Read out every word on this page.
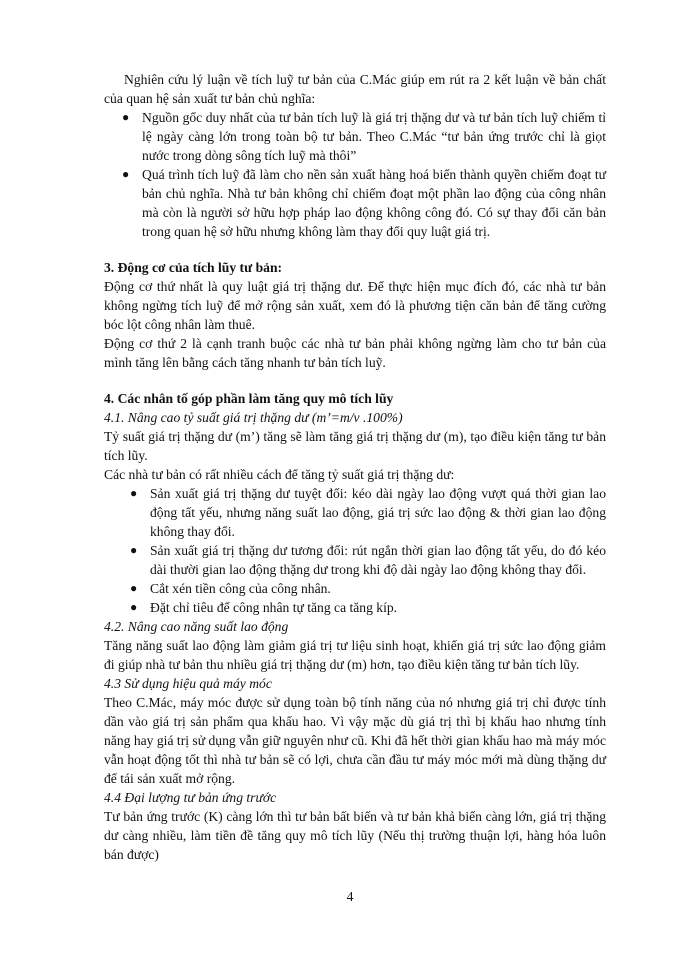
Nghiên cứu lý luận về tích luỹ tư bản của C.Mác giúp em rút ra 2 kết luận về bản chất của quan hệ sản xuất tư bản chủ nghĩa:

● Nguồn gốc duy nhất của tư bản tích luỹ là giá trị thặng dư và tư bản tích luỹ chiếm tỉ lệ ngày càng lớn trong toàn bộ tư bản. Theo C.Mác “tư bản ứng trước chỉ là giọt nước trong dòng sông tích luỹ mà thôi”
● Quá trình tích luỹ đã làm cho nền sản xuất hàng hoá biến thành quyền chiếm đoạt tư bản chủ nghĩa. Nhà tư bản không chỉ chiếm đoạt một phần lao động của công nhân mà còn là người sở hữu hợp pháp lao động không công đó. Có sự thay đổi căn bản trong quan hệ sở hữu nhưng không làm thay đổi quy luật giá trị.

3. Động cơ của tích lũy tư bản:

Động cơ thứ nhất là quy luật giá trị thặng dư. Để thực hiện mục đích đó, các nhà tư bản không ngừng tích luỹ để mở rộng sản xuất, xem đó là phương tiện căn bản để tăng cường bóc lột công nhân làm thuê.

Động cơ thứ 2 là cạnh tranh buộc các nhà tư bản phải không ngừng làm cho tư bản của mình tăng lên bằng cách tăng nhanh tư bản tích luỹ.

4. Các nhân tố góp phần làm tăng quy mô tích lũy

4.1. Nâng cao tỷ suất giá trị thặng dư (m’=m/v .100%)

Tỷ suất giá trị thặng dư (m’) tăng sẽ làm tăng giá trị thặng dư (m), tạo điều kiện tăng tư bản tích lũy.

Các nhà tư bản có rất nhiều cách để tăng tỷ suất giá trị thặng dư:

● Sản xuất giá trị thặng dư tuyệt đối: kéo dài ngày lao động vượt quá thời gian lao động tất yếu, nhưng năng suất lao động, giá trị sức lao động & thời gian lao động không thay đổi.
● Sản xuất giá trị thặng dư tương đối: rút ngắn thời gian lao động tất yếu, do đó kéo dài thười gian lao động thặng dư trong khi độ dài ngày lao động không thay đổi.
● Cắt xén tiền công của công nhân.
● Đặt chỉ tiêu để công nhân tự tăng ca tăng kíp.

4.2. Nâng cao năng suất lao động

Tăng năng suất lao động làm giảm giá trị tư liệu sinh hoạt, khiến giá trị sức lao động giảm đi giúp nhà tư bản thu nhiều giá trị thặng dư (m) hơn, tạo điều kiện tăng tư bản tích lũy.

4.3 Sử dụng hiệu quả máy móc

Theo C.Mác, máy móc được sử dụng toàn bộ tính năng của nó nhưng giá trị chỉ được tính dần vào giá trị sản phẩm qua khấu hao. Vì vậy mặc dù giá trị thì bị khấu hao nhưng tính năng hay giá trị sử dụng vẫn giữ nguyên như cũ. Khi đã hết thời gian khấu hao mà máy móc vẫn hoạt động tốt thì nhà tư bản sẽ có lợi, chưa cần đầu tư máy móc mới mà dùng thặng dư để tái sản xuất mở rộng.

4.4 Đại lượng tư bản ứng trước

Tư bản ứng trước (K) càng lớn thì tư bản bất biến và tư bản khả biến càng lớn, giá trị thặng dư càng nhiều, làm tiền đề tăng quy mô tích lũy (Nếu thị trường thuận lợi, hàng hóa luôn bán được)

4
